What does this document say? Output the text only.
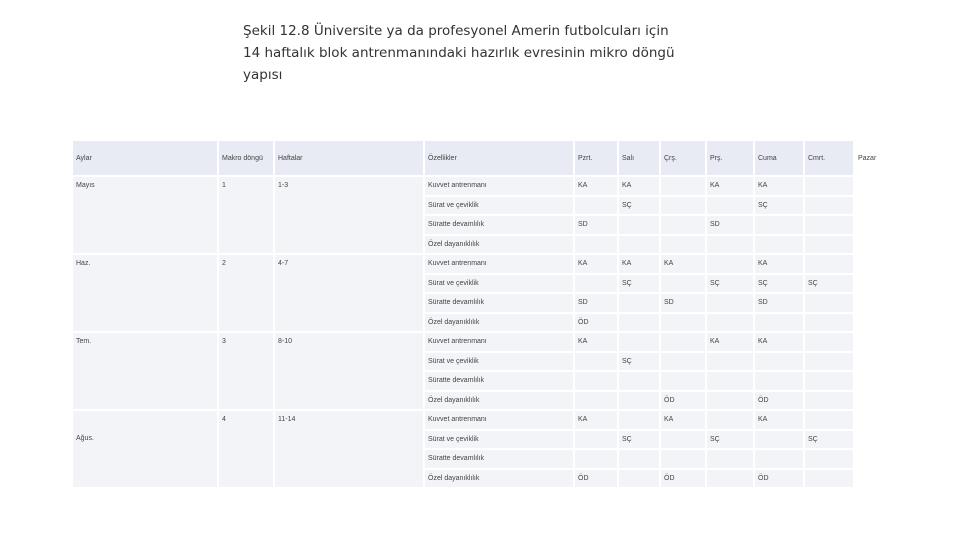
Şekil 12.8 Üniversite ya da profesyonel Amerin futbolcuları için
14 haftalık blok antrenmanındaki hazırlık evresinin mikro döngü
yapısı
Aylar	Makro döngü	Haftalar	Özellikler	Pzrt.	Salı	Çrş.	Prş.	Cuma	Cmrt.	Pazar
Mayıs	1	1-3	Kuvvet antrenmanı	KA	KA		KA	KA		
			Sürat ve çeviklik		SÇ			SÇ		
			Süratte devamlılık	SD			SD			
			Özel dayanıklılık							
Haz.	2	4-7	Kuvvet antrenmanı	KA	KA	KA		KA		
			Sürat ve çeviklik		SÇ		SÇ	SÇ	SÇ	
			Süratte devamlılık	SD		SD		SD		
			Özel dayanıklılık	ÖD						
Tem.	3	8-10	Kuvvet antrenmanı	KA			KA	KA		
			Sürat ve çeviklik		SÇ					
			Süratte devamlılık							
			Özel dayanıklılık			ÖD		ÖD		
Ağus.	4	11-14	Kuvvet antrenmanı	KA		KA		KA		
			Sürat ve çeviklik		SÇ		SÇ		SÇ	
			Süratte devamlılık							
			Özel dayanıklılık	ÖD		ÖD		ÖD		
